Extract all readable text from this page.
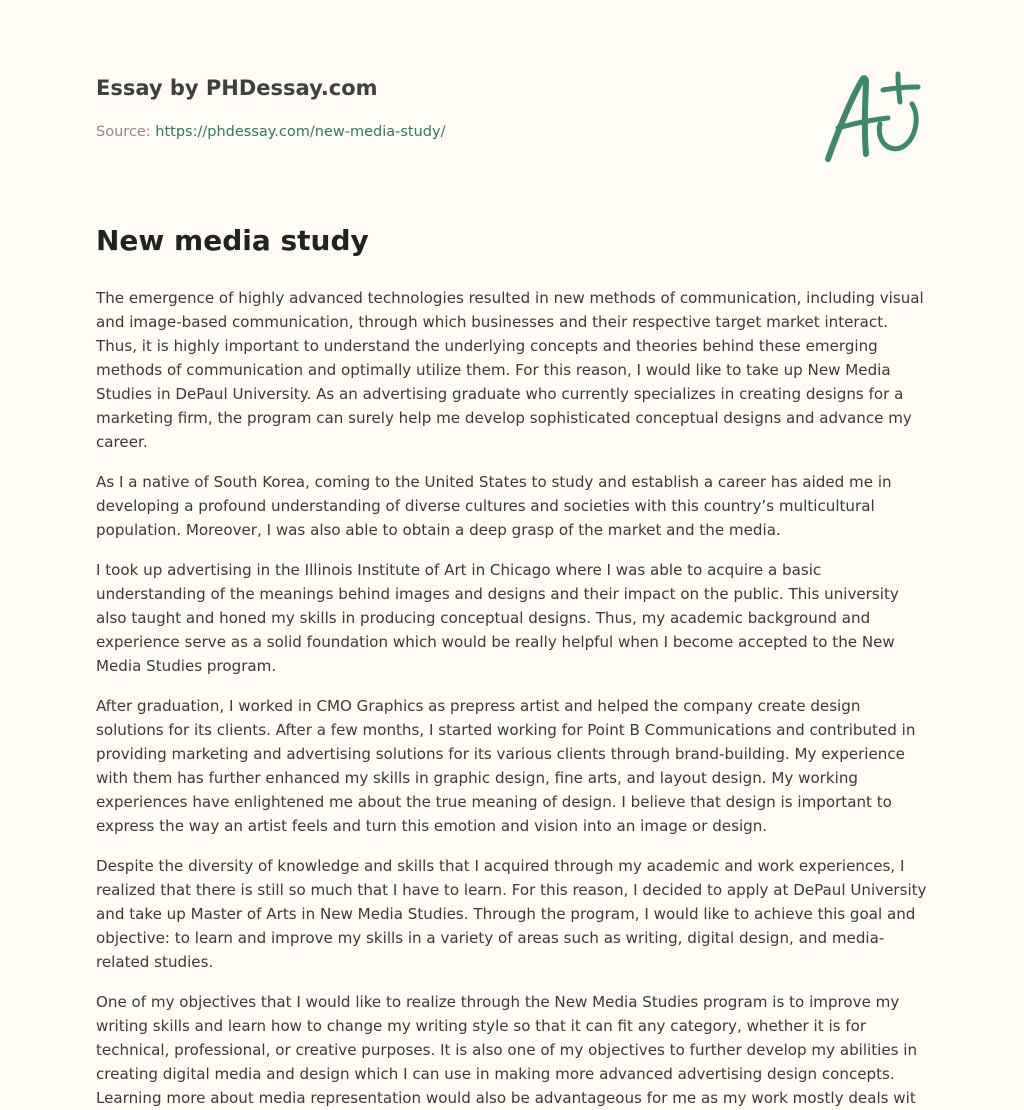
Essay by PHDessay.com
Source: https://phdessay.com/new-media-study/
New media study

The emergence of highly advanced technologies resulted in new methods of communication, including visual and image-based communication, through which businesses and their respective target market interact. Thus, it is highly important to understand the underlying concepts and theories behind these emerging methods of communication and optimally utilize them. For this reason, I would like to take up New Media Studies in DePaul University. As an advertising graduate who currently specializes in creating designs for a marketing firm, the program can surely help me develop sophisticated conceptual designs and advance my career.

As I a native of South Korea, coming to the United States to study and establish a career has aided me in developing a profound understanding of diverse cultures and societies with this country’s multicultural population. Moreover, I was also able to obtain a deep grasp of the market and the media.

I took up advertising in the Illinois Institute of Art in Chicago where I was able to acquire a basic understanding of the meanings behind images and designs and their impact on the public. This university also taught and honed my skills in producing conceptual designs. Thus, my academic background and experience serve as a solid foundation which would be really helpful when I become accepted to the New Media Studies program.

After graduation, I worked in CMO Graphics as prepress artist and helped the company create design solutions for its clients. After a few months, I started working for Point B Communications and contributed in providing marketing and advertising solutions for its various clients through brand-building. My experience with them has further enhanced my skills in graphic design, fine arts, and layout design. My working experiences have enlightened me about the true meaning of design. I believe that design is important to express the way an artist feels and turn this emotion and vision into an image or design.

Despite the diversity of knowledge and skills that I acquired through my academic and work experiences, I realized that there is still so much that I have to learn. For this reason, I decided to apply at DePaul University and take up Master of Arts in New Media Studies. Through the program, I would like to achieve this goal and objective: to learn and improve my skills in a variety of areas such as writing, digital design, and media-related studies.

One of my objectives that I would like to realize through the New Media Studies program is to improve my writing skills and learn how to change my writing style so that it can fit any category, whether it is for technical, professional, or creative purposes. It is also one of my objectives to further develop my abilities in creating digital media and design which I can use in making more advanced advertising design concepts. Learning more about media representation would also be advantageous for me as my work mostly deals wit
